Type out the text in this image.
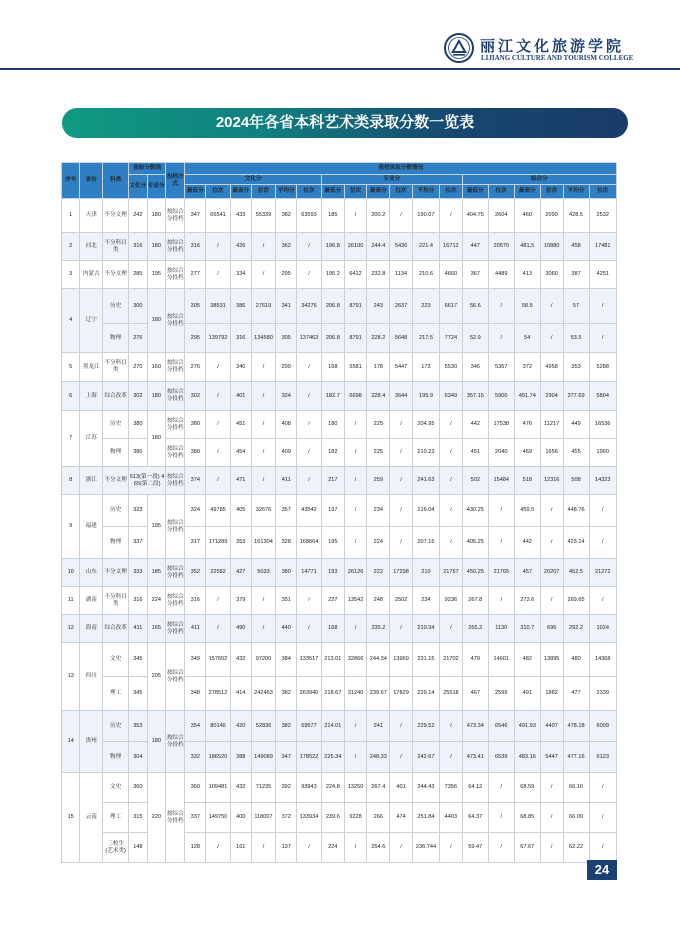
丽江文化旅游学院
LIJIANG CULTURE AND TOURISM COLLEGE
2024年各省本科艺术类录取分数一览表
序号	省份	科类	原始分数线		投档方式	我校录取分数情况																	
			文化分	专业分		文化分						专业分						综合分					
						最低分	位次	最高分	位次	平均分	位次	最低分	位次	最高分	位次	平均分	位次	最低分	位次	最高分	位次	平均分	位次
1	天津	不分文理	242	180	按综合分投档	347	66541	433	55339	382	63593	185	/	200.2	/	190.07	/	404.75	2604	460	2090	428.5	2532
2	河北	不分科目类	316	180	按综合分投档	316	/	426	/	362	/	196.8	26100	244.4	5436	221.4	16712	447	20570	481.5	10880	458	17481
3	内蒙古	不分文理	285	195	按综合分投档	277	/	334	/	295	/	195.2	6412	232.8	1134	210.6	4660	367	4489	413	3060	387	4251
4	辽宁	历史	300	180	按综合分投档	305	38531	386	27619	341	34276	206.8	8791	243	2637	223	6617	56.6	/	58.5	/	57	/
		物理	276			295	139792	316	134580	305	137463	206.8	8791	228.2	5648	217.5	7724	52.9	/	54	/	53.5	/
5	黑龙江	不分科目类	270	160	按综合分投档	276	/	340	/	299	/	168	5581	178	5447	173	5530	346	5367	372	4958	353	5288
6	上海	综合改革	302	180	按综合分投档	302	/	401	/	324	/	182.7	6698	228.4	3644	195.9	6349	357.15	5900	451.74	2904	377.69	5804
7	江苏	历史	380	180	按综合分投档	380	/	451	/	408	/	180	/	225	/	204.95	/	442	17538	476	11217	449	16536
		物理	380		按综合分投档	380	/	454	/	409	/	182	/	225	/	210.23	/	451	2040	469	1656	455	1960
8	浙江	不分文理	513(第一段) 465(第二段)		按综合分投档	374	/	471	/	411	/	217	/	259	/	241.63	/	502	15484	518	12316	508	14323
9	福建	历史	323	195	按综合分投档	324	49785	405	32676	357	43542	197	/	234	/	216.04	/	430.25	/	459.5	/	448.76	/
		物理	337			317	171289	353	161304	328	168664	195	/	224	/	207.15	/	405.25	/	442	/	423.14	/
10	山东	不分文理	333	185	按综合分投档	352	22582	427	5033	380	14771	193	26126	222	17298	210	21757	450.25	21765	457	20207	452.5	21272
11	湖南	不分科目类	316	224	按综合分投档	316	/	379	/	351	/	227	13542	248	2502	234	9236	267.8	/	272.6	/	269.65	/
12	海南	综合改革	411	165	按综合分投档	411	/	490	/	440	/	168	/	235.2	/	210.34	/	265.2	1130	310.7	696	292.2	1024
13	四川	文史	345	205	按综合分投档	349	157652	432	97200	384	133517	213.01	32866	244.34	13969	231.15	21702	479	14601	482	13895	480	14368
		理工	345			348	278512	414	242463	382	263940	218.67	31240	239.67	17829	229.14	25518	467	2599	491	1882	477	2339
14	贵州	历史	353	180	按综合分投档	354	80146	420	52836	382	69577	214.01	/	241	/	229.52	/	473.34	6546	491.93	4407	478.18	6009
		物理	304			332	186520	388	149089	347	178522	225.34	/	248.33	/	242.67	/	473.41	6539	483.16	5447	477.16	6123
15	云南	文史	360	220	按综合分投档	360	109481	432	71235	392	93943	224.8	13250	267.4	401	244.43	7356	64.12	/	68.59	/	66.10	/
		理工	315			337	149750	400	118007	372	133934	239.6	9228	266	474	251.84	4403	64.37	/	68.85	/	66.09	/
		三校生 (艺术类)	148			128	/	161	/	137	/	224	/	254.6	/	236.744	/	59.47	/	67.67	/	62.22	/
24
